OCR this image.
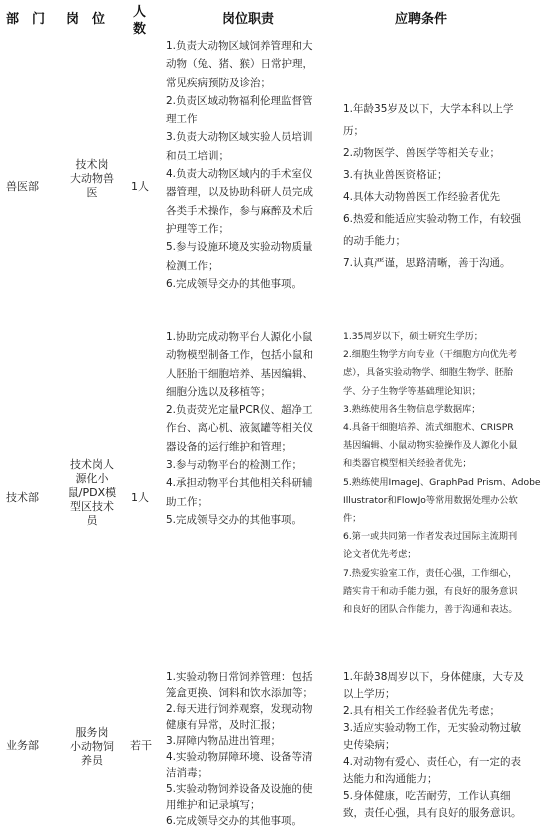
部　门 岗　位 人
数
岗位职责	应聘条件
兽医部
技术岗
大动物兽
医	1人
1.负责大动物区域饲养管理和大
动物（兔、猪、猴）日常护理，
常见疾病预防及诊治；
2.负责区域动物福利伦理监督管
理工作
3.负责大动物区域实验人员培训
和员工培训；
4.负责大动物区域内的手术室仪
器管理，以及协助科研人员完成
各类手术操作，参与麻醉及术后
护理等工作；
5.参与设施环境及实验动物质量
检测工作；
6.完成领导交办的其他事项。
1.年龄35岁及以下，大学本科以上学
历；
2.动物医学、兽医学等相关专业；
3.有执业兽医资格证；
4.具体大动物兽医工作经验者优先
6.热爱和能适应实验动物工作，有较强
的动手能力；
7.认真严谨，思路清晰，善于沟通。
技术部
技术岗人
源化小
鼠/PDX模
型区技术
员
1人
1.协助完成动物平台人源化小鼠
动物模型制备工作，包括小鼠和
人胚胎干细胞培养、基因编辑、
细胞分选以及移植等；
2.负责荧光定量PCR仪、超净工
作台、离心机、液氮罐等相关仪
器设备的运行维护和管理；
3.参与动物平台的检测工作；
4.承担动物平台其他相关科研辅
助工作；
5.完成领导交办的其他事项。
1.35周岁以下，硕士研究生学历；
2.细胞生物学方向专业（干细胞方向优先考
虑），具备实验动物学、细胞生物学、胚胎
学、分子生物学等基础理论知识；
3.熟练使用各生物信息学数据库；
4.具备干细胞培养、流式细胞术、CRISPR
基因编辑、小鼠动物实验操作及人源化小鼠
和类器官模型相关经验者优先；
5.熟练使用ImageJ、GraphPad Prism、Adobe
Illustrator和FlowJo等常用数据处理办公软
件；
6.第一或共同第一作者发表过国际主流期刊
论文者优先考虑；
7.热爱实验室工作，责任心强，工作细心，
踏实肯干和动手能力强，有良好的服务意识
和良好的团队合作能力，善于沟通和表达。
业务部
服务岗
小动物饲
养员
若干
1.实验动物日常饲养管理：包括
笼盒更换、饲料和饮水添加等；
2.每天进行饲养观察，发现动物
健康有异常，及时汇报；
3.屏障内物品进出管理；
4.实验动物屏障环境、设备等清
洁消毒；
5.实验动物饲养设备及设施的使
用维护和记录填写；
6.完成领导交办的其他事项。
1.年龄38周岁以下，身体健康，大专及
以上学历；
2.具有相关工作经验者优先考虑；
3.适应实验动物工作，无实验动物过敏
史传染病；
4.对动物有爱心、责任心，有一定的表
达能力和沟通能力；
5.身体健康，吃苦耐劳，工作认真细
致，责任心强，具有良好的服务意识。
